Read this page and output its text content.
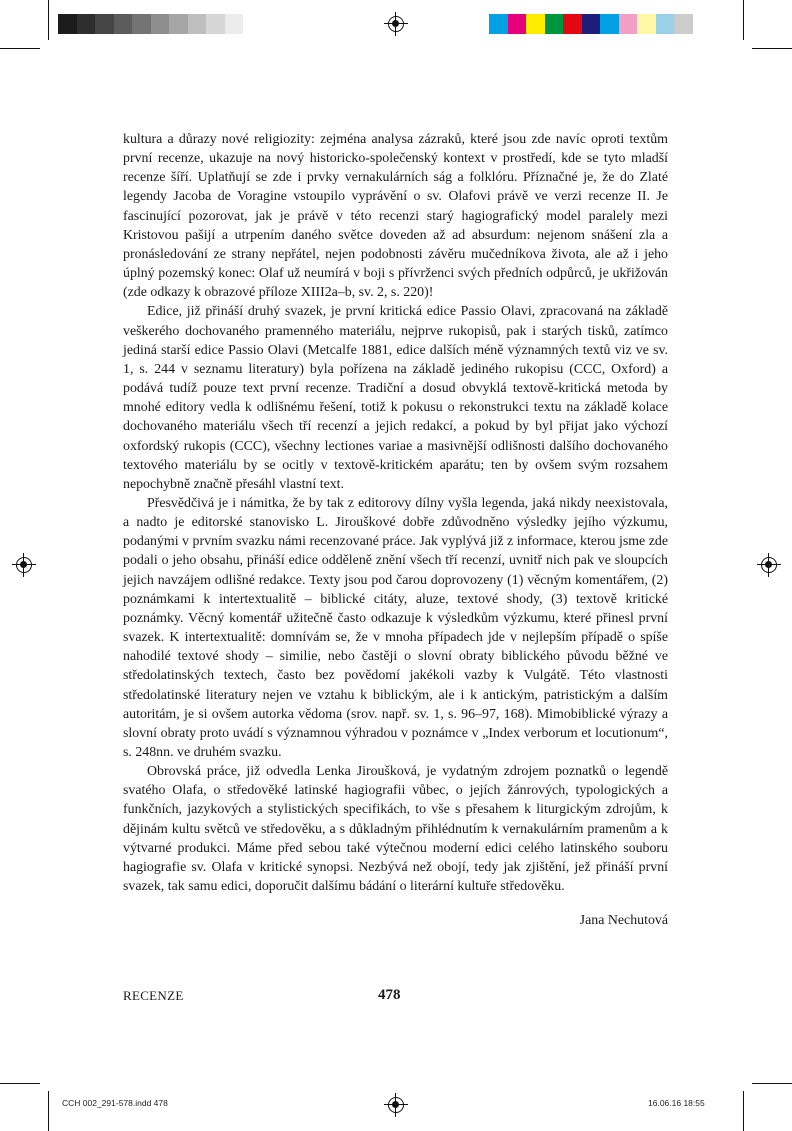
kultura a důrazy nové religiozity: zejména analysa zázraků, které jsou zde navíc oproti textům první recenze, ukazuje na nový historicko-společenský kontext v prostředí, kde se tyto mladší recenze šíří. Uplatňují se zde i prvky vernakulárních ság a folklóru. Příznačné je, že do Zlaté legendy Jacoba de Voragine vstoupilo vyprávění o sv. Olafovi právě ve verzi recenze II. Je fascinující pozorovat, jak je právě v této recenzi starý hagiografický model paralely mezi Kristovou pašijí a utrpením daného světce doveden až ad absurdum: nejenom snášení zla a pronásledování ze strany nepřátel, nejen podobnosti závěru mučedníkova života, ale až i jeho úplný pozemský konec: Olaf už neumírá v boji s přívrženci svých předních odpůrců, je ukřižován (zde odkazy k obrazové příloze XIII2a–b, sv. 2, s. 220)!

Edice, již přináší druhý svazek, je první kritická edice Passio Olavi, zpracovaná na základě veškerého dochovaného pramenného materiálu, nejprve rukopisů, pak i starých tisků, zatímco jediná starší edice Passio Olavi (Metcalfe 1881, edice dalších méně významných textů viz ve sv. 1, s. 244 v seznamu literatury) byla pořízena na základě jediného rukopisu (CCC, Oxford) a podává tudíž pouze text první recenze. Tradiční a dosud obvyklá textově-kritická metoda by mnohé editory vedla k odlišnému řešení, totiž k pokusu o rekonstrukci textu na základě kolace dochovaného materiálu všech tří recenzí a jejich redakcí, a pokud by byl přijat jako výchozí oxfordský rukopis (CCC), všechny lectiones variae a masivnější odlišnosti dalšího dochovaného textového materiálu by se ocitly v textově-kritickém aparátu; ten by ovšem svým rozsahem nepochybně značně přesáhl vlastní text.

Přesvědčivá je i námitka, že by tak z editorovy dílny vyšla legenda, jaká nikdy neexistovala, a nadto je editorské stanovisko L. Jirouškové dobře zdůvodněno výsledky jejího výzkumu, podanými v prvním svazku námi recenzované práce. Jak vyplývá již z informace, kterou jsme zde podali o jeho obsahu, přináší edice odděleně znění všech tří recenzí, uvnitř nich pak ve sloupcích jejich navzájem odlišné redakce. Texty jsou pod čarou doprovozeny (1) věcným komentářem, (2) poznámkami k intertextualitě – biblické citáty, aluze, textové shody, (3) textově kritické poznámky. Věcný komentář užitečně často odkazuje k výsledkům výzkumu, které přinesl první svazek. K intertextualitě: domnívám se, že v mnoha případech jde v nejlepším případě o spíše nahodilé textové shody – similie, nebo častěji o slovní obraty biblického původu běžné ve středolatinských textech, často bez povědomí jakékoli vazby k Vulgátě. Této vlastnosti středolatinské literatury nejen ve vztahu k biblickým, ale i k antickým, patristickým a dalším autoritám, je si ovšem autorka vědoma (srov. např. sv. 1, s. 96–97, 168). Mimobiblické výrazy a slovní obraty proto uvádí s významnou výhradou v poznámce v „Index verborum et locutionum“, s. 248nn. ve druhém svazku.

Obrovská práce, již odvedla Lenka Jiroušková, je vydatným zdrojem poznatků o legendě svatého Olafa, o středověké latinské hagiografii vůbec, o jejích žánrových, typologických a funkčních, jazykových a stylistických specifikách, to vše s přesahem k liturgickým zdrojům, k dějinám kultu světců ve středověku, a s důkladným přihlédnutím k vernakulárním pramenům a k výtvarné produkci. Máme před sebou také výtečnou moderní edici celého latinského souboru hagiografie sv. Olafa v kritické synopsi. Nezbývá než obojí, tedy jak zjištění, jež přináší první svazek, tak samu edici, doporučit dalšímu bádání o literární kultuře středověku.

Jana Nechutová
RECENZE	478
CCH 002_291-578.indd 478	16.06.16 18:55
